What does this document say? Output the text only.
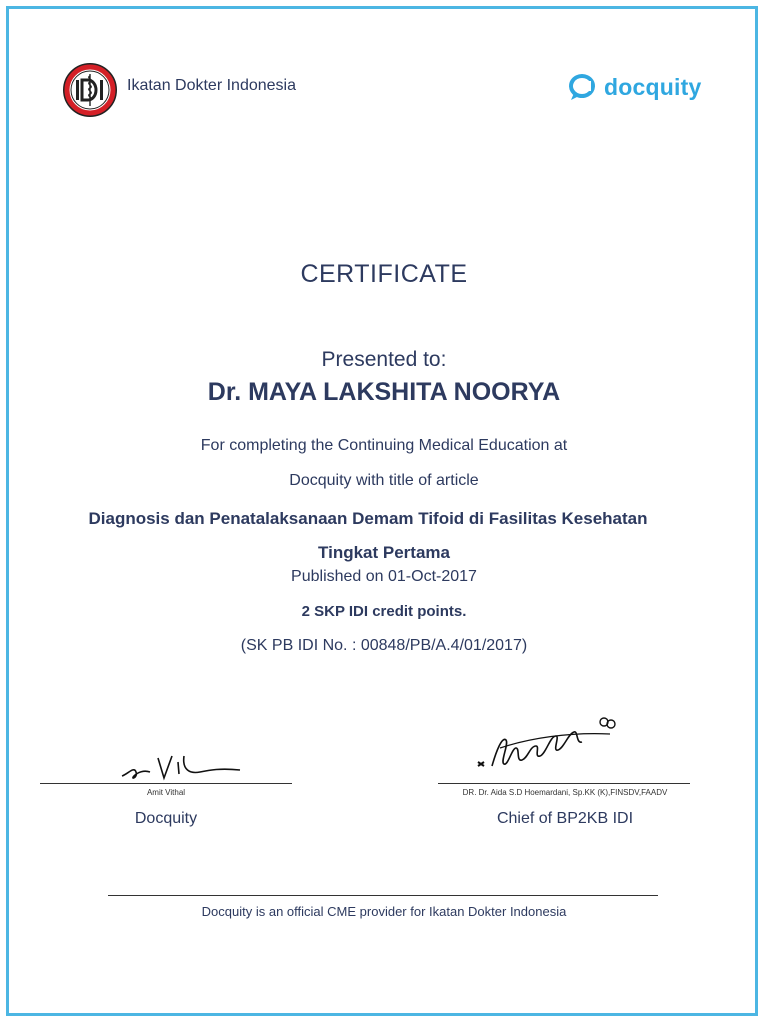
Ikatan Dokter Indonesia	docquity
CERTIFICATE
Presented to:
Dr. MAYA LAKSHITA NOORYA
For completing the Continuing Medical Education at
Docquity with title of article
Diagnosis dan Penatalaksanaan Demam Tifoid di Fasilitas Kesehatan
Tingkat Pertama
Published on 01-Oct-2017
2 SKP IDI credit points.
(SK PB IDI No. : 00848/PB/A.4/01/2017)
Amit Vithal
Docquity
DR. Dr. Aida S.D Hoemardani, Sp.KK (K),FINSDV,FAADV
Chief of BP2KB IDI
Docquity is an official CME provider for Ikatan Dokter Indonesia
